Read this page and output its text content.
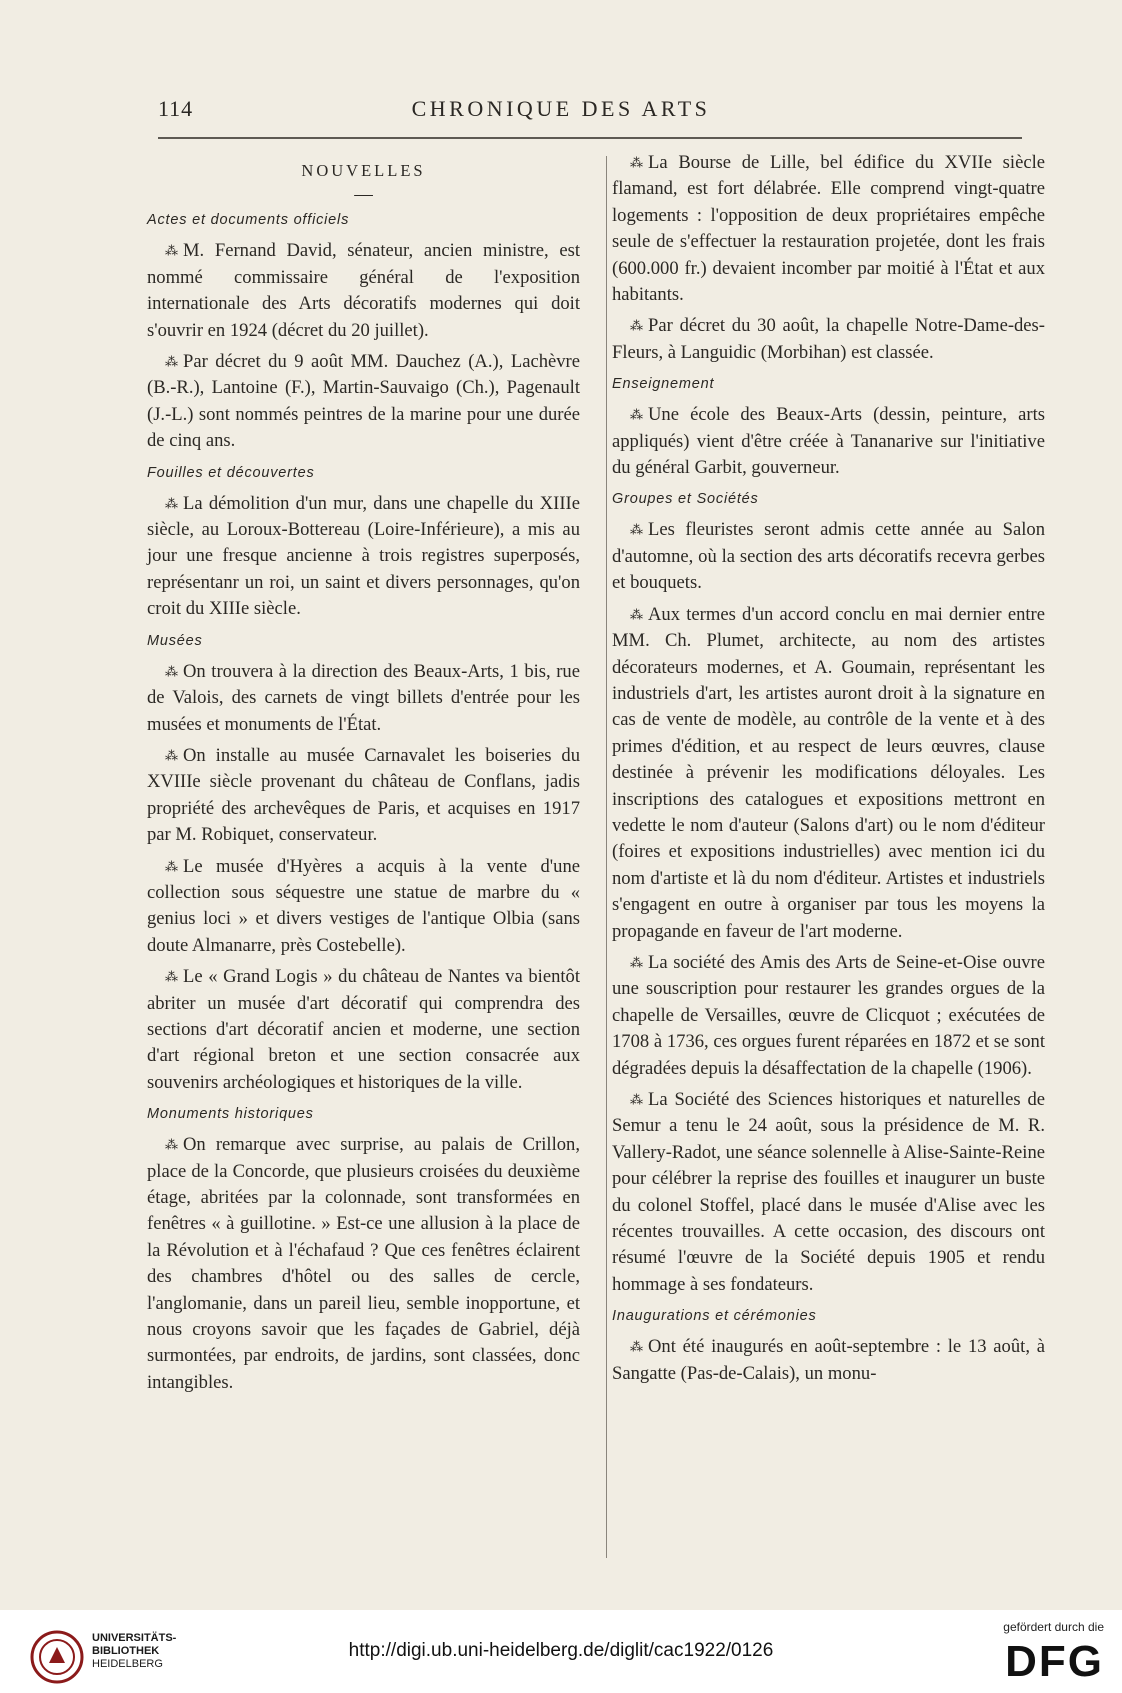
114	CHRONIQUE DES ARTS
NOUVELLES
—
Actes et documents officiels

⁂ M. Fernand David, sénateur, ancien ministre, est nommé commissaire général de l'exposition internationale des Arts décoratifs modernes qui doit s'ouvrir en 1924 (décret du 20 juillet).

⁂ Par décret du 9 août MM. Dauchez (A.), Lachèvre (B.-R.), Lantoine (F.), Martin-Sauvaigo (Ch.), Pagenault (J.-L.) sont nommés peintres de la marine pour une durée de cinq ans.

Fouilles et découvertes

⁂ La démolition d'un mur, dans une chapelle du XIIIe siècle, au Loroux-Bottereau (Loire-Inférieure), a mis au jour une fresque ancienne à trois registres superposés, représentanr un roi, un saint et divers personnages, qu'on croit du XIIIe siècle.

Musées

⁂ On trouvera à la direction des Beaux-Arts, 1 bis, rue de Valois, des carnets de vingt billets d'entrée pour les musées et monuments de l'État.

⁂ On installe au musée Carnavalet les boiseries du XVIIIe siècle provenant du château de Conflans, jadis propriété des archevêques de Paris, et acquises en 1917 par M. Robiquet, conservateur.

⁂ Le musée d'Hyères a acquis à la vente d'une collection sous séquestre une statue de marbre du « genius loci » et divers vestiges de l'antique Olbia (sans doute Almanarre, près Costebelle).

⁂ Le « Grand Logis » du château de Nantes va bientôt abriter un musée d'art décoratif qui comprendra des sections d'art décoratif ancien et moderne, une section d'art régional breton et une section consacrée aux souvenirs archéologiques et historiques de la ville.

Monuments historiques

⁂ On remarque avec surprise, au palais de Crillon, place de la Concorde, que plusieurs croisées du deuxième étage, abritées par la colonnade, sont transformées en fenêtres « à guillotine. » Est-ce une allusion à la place de la Révolution et à l'échafaud ? Que ces fenêtres éclairent des chambres d'hôtel ou des salles de cercle, l'anglomanie, dans un pareil lieu, semble inopportune, et nous croyons savoir que les façades de Gabriel, déjà surmontées, par endroits, de jardins, sont classées, donc intangibles.

⁂ La Bourse de Lille, bel édifice du XVIIe siècle flamand, est fort délabrée. Elle comprend vingt-quatre logements : l'opposition de deux propriétaires empêche seule de s'effectuer la restauration projetée, dont les frais (600.000 fr.) devaient incomber par moitié à l'État et aux habitants.

⁂ Par décret du 30 août, la chapelle Notre-Dame-des-Fleurs, à Languidic (Morbihan) est classée.

Enseignement

⁂ Une école des Beaux-Arts (dessin, peinture, arts appliqués) vient d'être créée à Tananarive sur l'initiative du général Garbit, gouverneur.

Groupes et Sociétés

⁂ Les fleuristes seront admis cette année au Salon d'automne, où la section des arts décoratifs recevra gerbes et bouquets.

⁂ Aux termes d'un accord conclu en mai dernier entre MM. Ch. Plumet, architecte, au nom des artistes décorateurs modernes, et A. Goumain, représentant les industriels d'art, les artistes auront droit à la signature en cas de vente de modèle, au contrôle de la vente et à des primes d'édition, et au respect de leurs œuvres, clause destinée à prévenir les modifications déloyales. Les inscriptions des catalogues et expositions mettront en vedette le nom d'auteur (Salons d'art) ou le nom d'éditeur (foires et expositions industrielles) avec mention ici du nom d'artiste et là du nom d'éditeur. Artistes et industriels s'engagent en outre à organiser par tous les moyens la propagande en faveur de l'art moderne.

⁂ La société des Amis des Arts de Seine-et-Oise ouvre une souscription pour restaurer les grandes orgues de la chapelle de Versailles, œuvre de Clicquot ; exécutées de 1708 à 1736, ces orgues furent réparées en 1872 et se sont dégradées depuis la désaffectation de la chapelle (1906).

⁂ La Société des Sciences historiques et naturelles de Semur a tenu le 24 août, sous la présidence de M. R. Vallery-Radot, une séance solennelle à Alise-Sainte-Reine pour célébrer la reprise des fouilles et inaugurer un buste du colonel Stoffel, placé dans le musée d'Alise avec les récentes trouvailles. A cette occasion, des discours ont résumé l'œuvre de la Société depuis 1905 et rendu hommage à ses fondateurs.

Inaugurations et cérémonies

⁂ Ont été inaugurés en août-septembre : le 13 août, à Sangatte (Pas-de-Calais), un monu-

UNIVERSITÄTS-
BIBLIOTHEK
HEIDELBERG
http://digi.ub.uni-heidelberg.de/diglit/cac1922/0126
gefördert durch die
DFG
